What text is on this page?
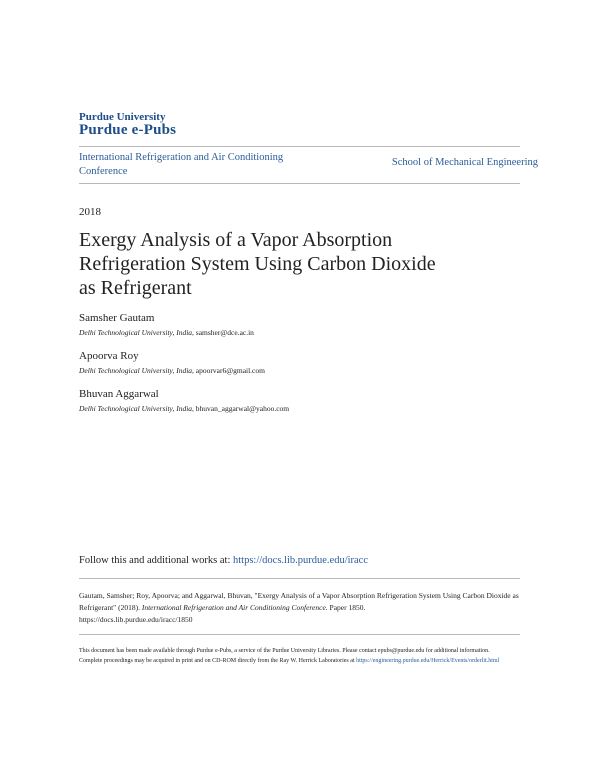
Purdue University
Purdue e-Pubs
International Refrigeration and Air Conditioning Conference
School of Mechanical Engineering
2018
Exergy Analysis of a Vapor Absorption Refrigeration System Using Carbon Dioxide as Refrigerant
Samsher Gautam
Delhi Technological University, India, samsher@dce.ac.in
Apoorva Roy
Delhi Technological University, India, apoorvar6@gmail.com
Bhuvan Aggarwal
Delhi Technological University, India, bhuvan_aggarwal@yahoo.com
Follow this and additional works at: https://docs.lib.purdue.edu/iracc
Gautam, Samsher; Roy, Apoorva; and Aggarwal, Bhuvan, "Exergy Analysis of a Vapor Absorption Refrigeration System Using Carbon Dioxide as Refrigerant" (2018). International Refrigeration and Air Conditioning Conference. Paper 1850.
https://docs.lib.purdue.edu/iracc/1850
This document has been made available through Purdue e-Pubs, a service of the Purdue University Libraries. Please contact epubs@purdue.edu for additional information.
Complete proceedings may be acquired in print and on CD-ROM directly from the Ray W. Herrick Laboratories at https://engineering.purdue.edu/Herrick/Events/orderlit.html
